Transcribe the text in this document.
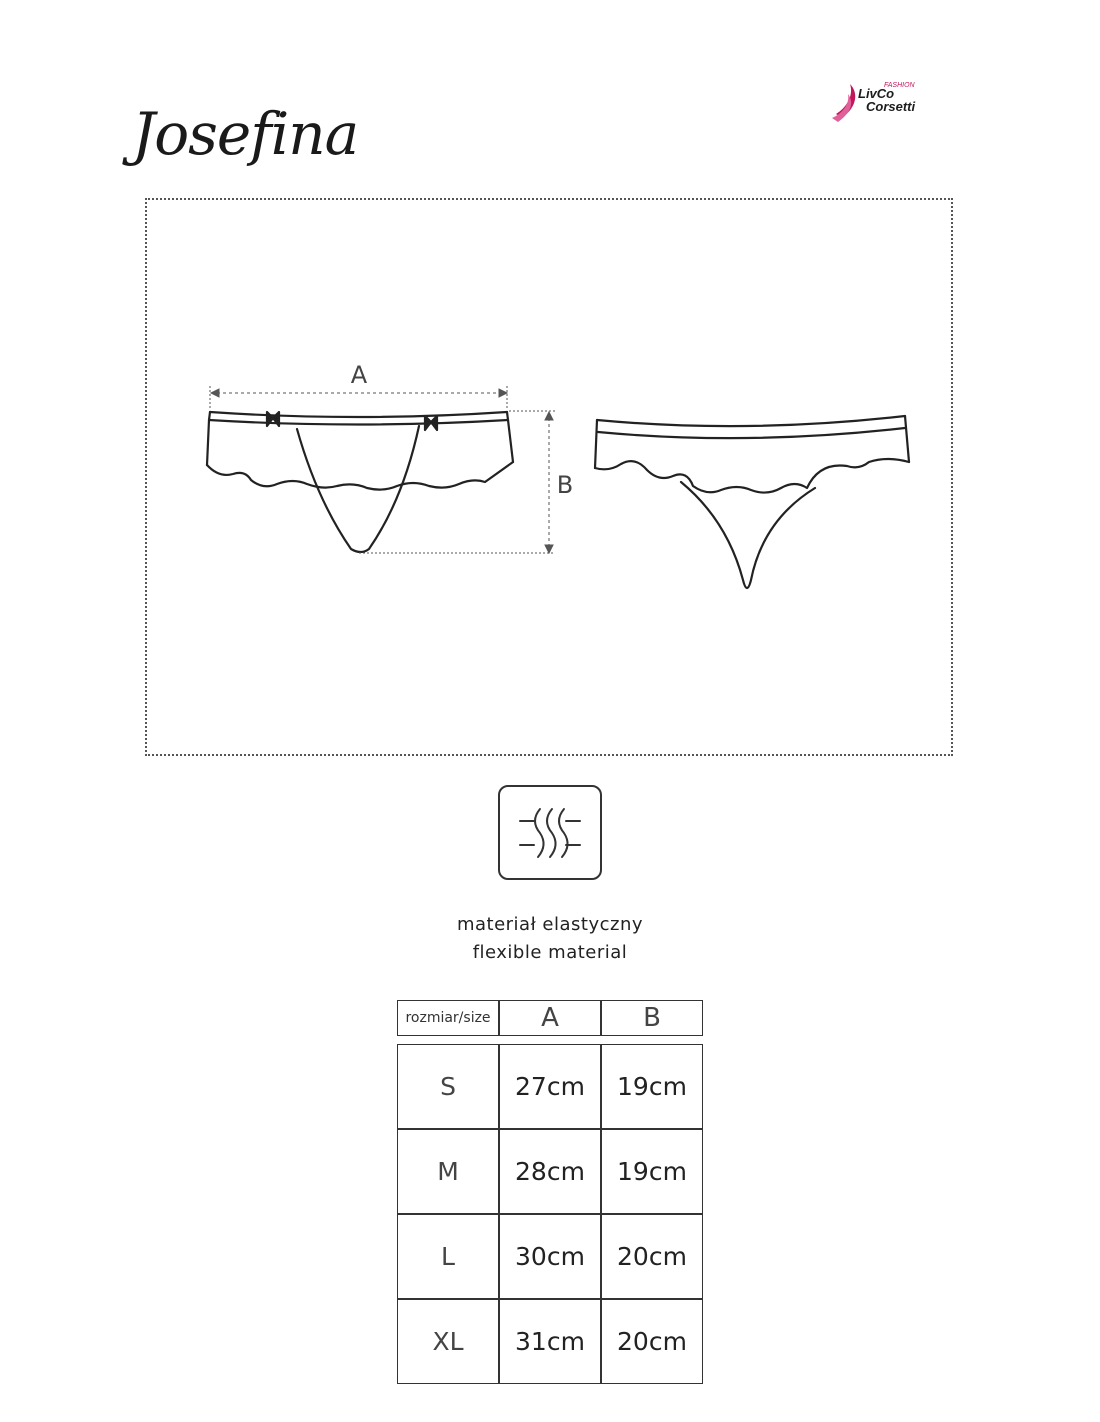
Josefina
LivCo
FASHION
Corsetti
A
B
materiał elastyczny
flexible material
rozmiar/size	A	B

S	27cm	19cm
M	28cm	19cm
L	30cm	20cm
XL	31cm	20cm
